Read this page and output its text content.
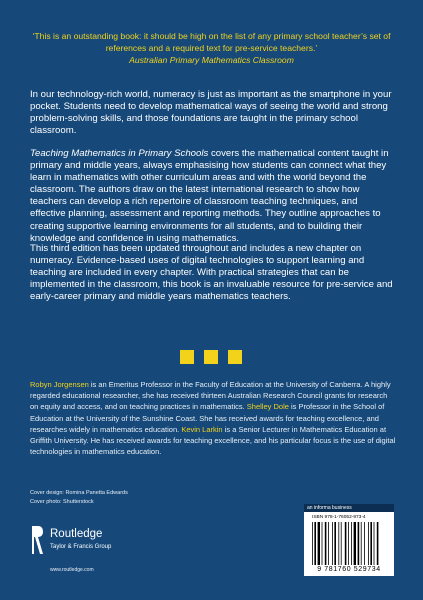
‘This is an outstanding book: it should be high on the list of any primary school teacher’s set of references and a required text for pre-service teachers.’
Australian Primary Mathematics Classroom
In our technology-rich world, numeracy is just as important as the smartphone in your pocket. Students need to develop mathematical ways of seeing the world and strong problem-solving skills, and those foundations are taught in the primary school classroom.
Teaching Mathematics in Primary Schools covers the mathematical content taught in primary and middle years, always emphasising how students can connect what they learn in mathematics with other curriculum areas and with the world beyond the classroom. The authors draw on the latest international research to show how teachers can develop a rich repertoire of classroom teaching techniques, and effective planning, assessment and reporting methods. They outline approaches to creating supportive learning environments for all students, and to building their knowledge and confidence in using mathematics.
This third edition has been updated throughout and includes a new chapter on numeracy. Evidence-based uses of digital technologies to support learning and teaching are included in every chapter. With practical strategies that can be implemented in the classroom, this book is an invaluable resource for pre-service and early-career primary and middle years mathematics teachers.
Robyn Jorgensen is an Emeritus Professor in the Faculty of Education at the University of Canberra. A highly regarded educational researcher, she has received thirteen Australian Research Council grants for research on equity and access, and on teaching practices in mathematics. Shelley Dole is Professor in the School of Education at the University of the Sunshine Coast. She has received awards for teaching excellence, and researches widely in mathematics education. Kevin Larkin is a Senior Lecturer in Mathematics Education at Griffith University. He has received awards for teaching excellence, and his particular focus is the use of digital technologies in mathematics education.
Cover design: Romina Panetta Edwards
Cover photo: Shutterstock
Routledge
Taylor & Francis Group
www.routledge.com
an informa business
ISBN 978-1-76052-973-4
9 781760 529734
